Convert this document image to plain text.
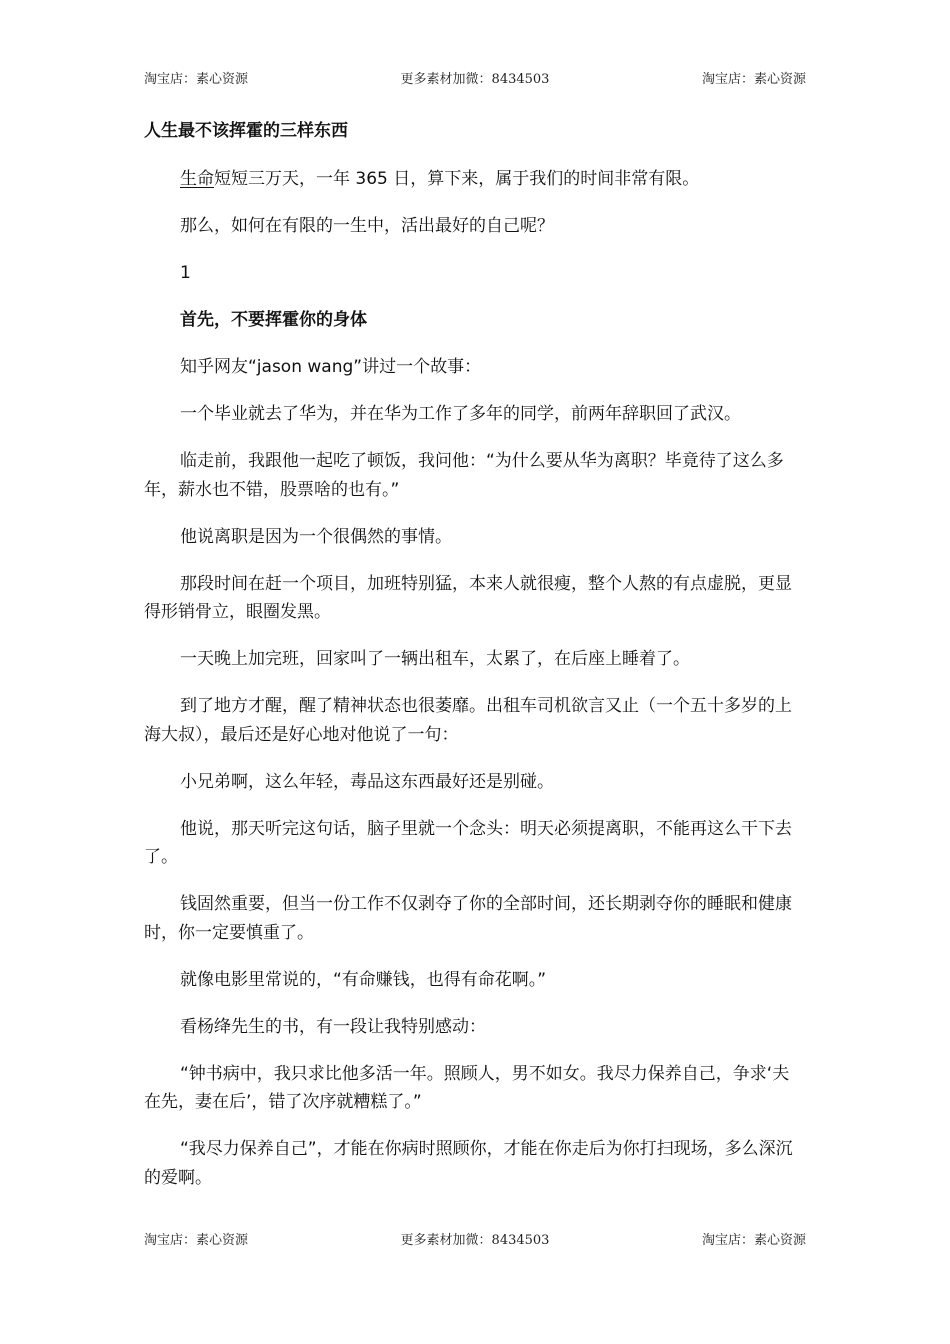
淘宝店：素心资源	更多素材加微：8434503	淘宝店：素心资源
人生最不该挥霍的三样东西
生命短短三万天，一年 365 日，算下来，属于我们的时间非常有限。
那么，如何在有限的一生中，活出最好的自己呢？
1
首先，不要挥霍你的身体
知乎网友“jason wang”讲过一个故事：
一个毕业就去了华为，并在华为工作了多年的同学，前两年辞职回了武汉。
临走前，我跟他一起吃了顿饭，我问他：“为什么要从华为离职？毕竟待了这么多年，薪水也不错，股票啥的也有。”
他说离职是因为一个很偶然的事情。
那段时间在赶一个项目，加班特别猛，本来人就很瘦，整个人熬的有点虚脱，更显得形销骨立，眼圈发黑。
一天晚上加完班，回家叫了一辆出租车，太累了，在后座上睡着了。
到了地方才醒，醒了精神状态也很萎靡。出租车司机欲言又止（一个五十多岁的上海大叔），最后还是好心地对他说了一句：
小兄弟啊，这么年轻，毒品这东西最好还是别碰。
他说，那天听完这句话，脑子里就一个念头：明天必须提离职，不能再这么干下去了。
钱固然重要，但当一份工作不仅剥夺了你的全部时间，还长期剥夺你的睡眠和健康时，你一定要慎重了。
就像电影里常说的，“有命赚钱，也得有命花啊。”
看杨绛先生的书，有一段让我特别感动：
“钟书病中，我只求比他多活一年。照顾人，男不如女。我尽力保养自己，争求‘夫在先，妻在后’，错了次序就糟糕了。”
“我尽力保养自己”，才能在你病时照顾你，才能在你走后为你打扫现场，多么深沉的爱啊。
淘宝店：素心资源	更多素材加微：8434503	淘宝店：素心资源
